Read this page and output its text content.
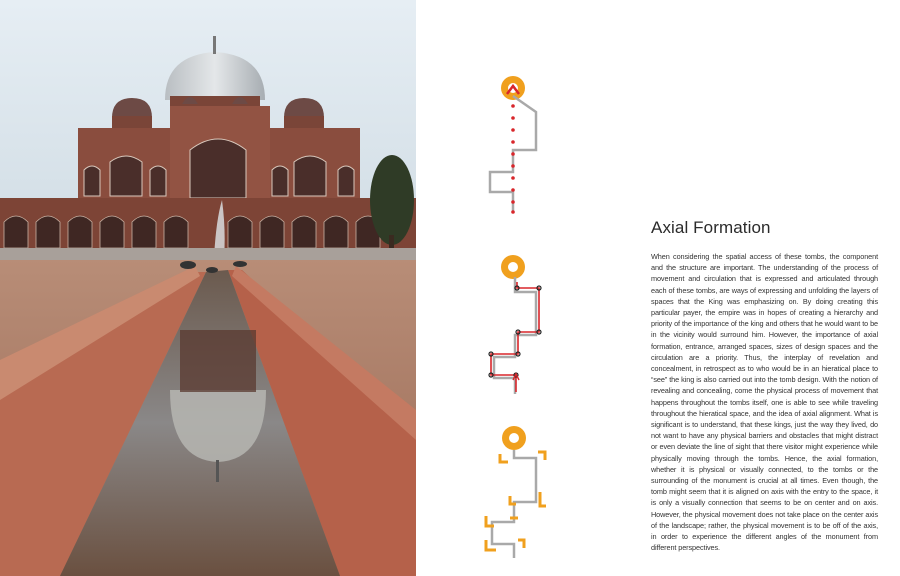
Axial Formation

When considering the spatial access of these tombs, the component and the structure are important. The understanding of the process of movement and circulation that is expressed and articulated through each of these tombs, are ways of expressing and unfolding the layers of spaces that the King was emphasizing on. By doing creating this particular payer, the empire was in hopes of creating a hierarchy and priority of the importance of the king and others that he would want to be in the vicinity would surround him. However, the importance of axial formation, entrance, arranged spaces, sizes of design spaces and the circulation are a priority. Thus, the interplay of revelation and concealment, in retrospect as to who would be in an hieratical place to “see” the king is also carried out into the tomb design. With the notion of revealing and concealing, come the physical process of movement that happens throughout the tombs itself, one is able to see while traveling throughout the hieratical space, and the idea of axial alignment. What is significant is to understand, that these kings, just the way they lived, do not want to have any physical barriers and obstacles that might distract or even deviate the line of sight that there visitor might experience while physically moving through the tombs. Hence, the axial formation, whether it is physical or visually connected, to the tombs or the surrounding of the monument is crucial at all times. Even though, the tomb might seem that it is aligned on axis with the entry to the space, it is only a visually connection that seems to be on center and on axis. However, the physical movement does not take place on the center axis of the landscape; rather, the physical movement is to be off of the axis, in order to experience the different angles of the monument from different perspectives.
